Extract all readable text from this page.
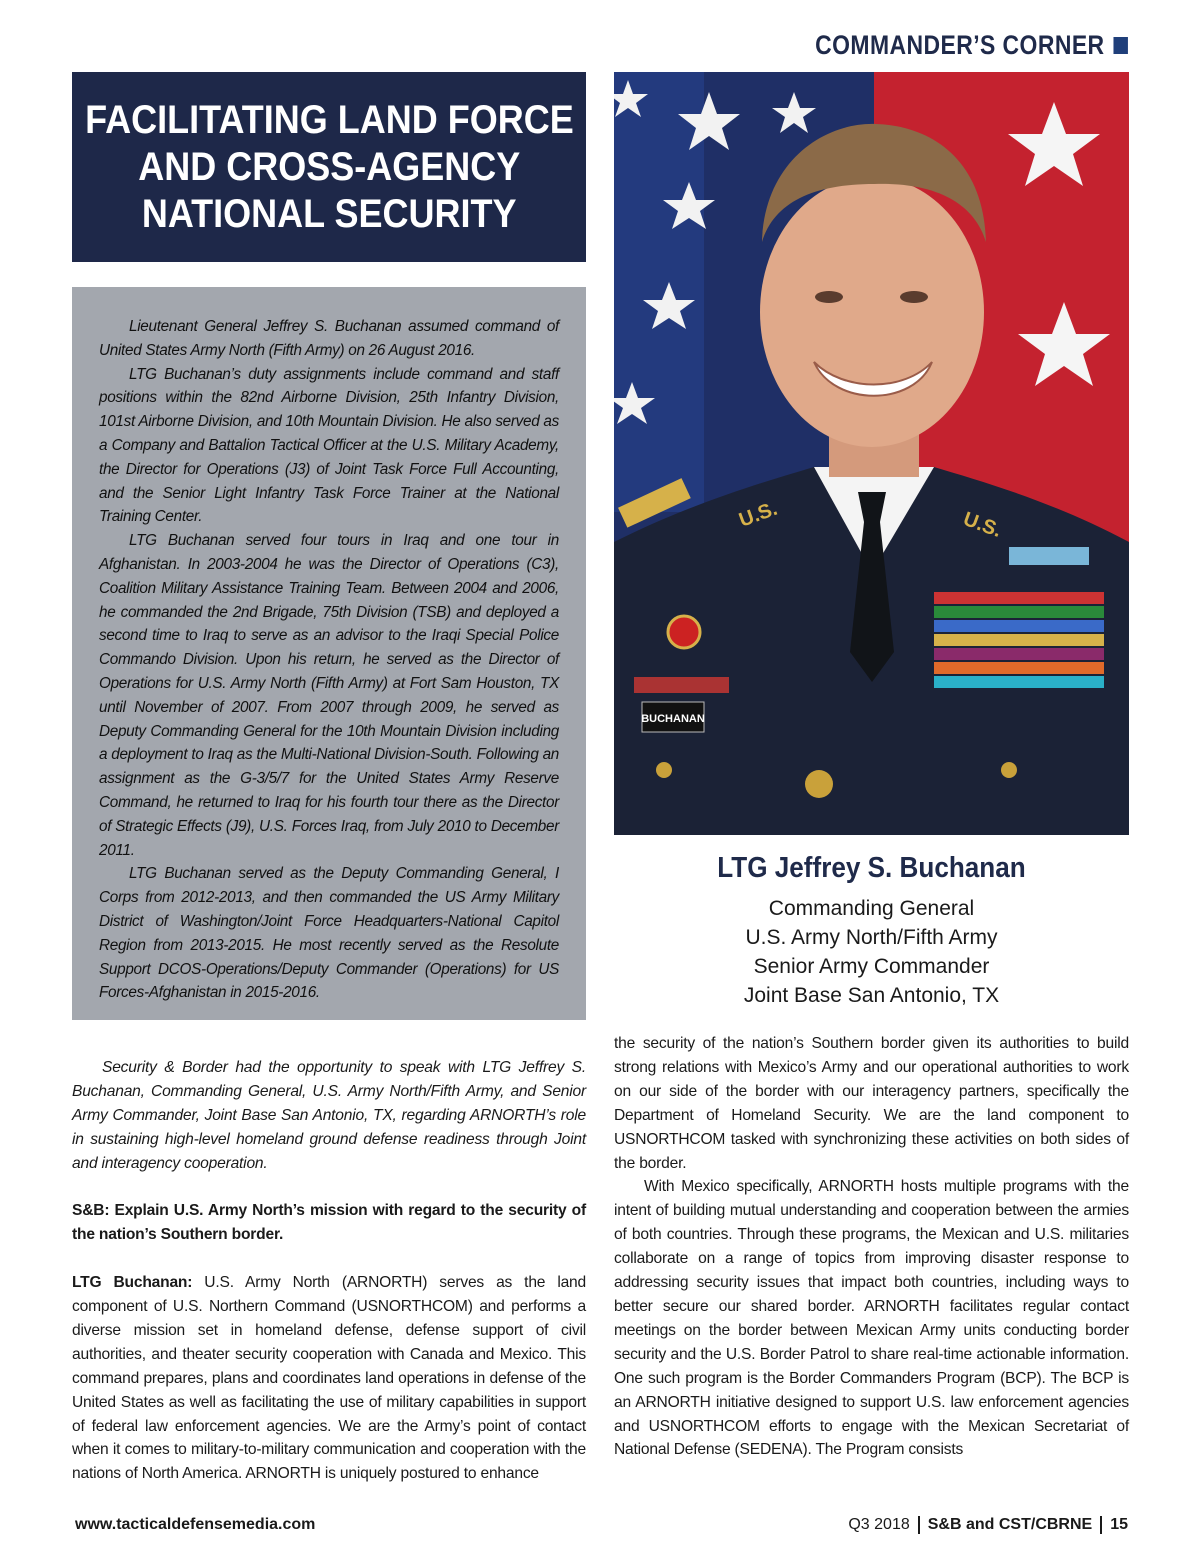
COMMANDER’S CORNER
FACILITATING LAND FORCE
AND CROSS-AGENCY
NATIONAL SECURITY

Lieutenant General Jeffrey S. Buchanan assumed command of United States Army North (Fifth Army) on 26 August 2016.

LTG Buchanan’s duty assignments include command and staff positions within the 82nd Airborne Division, 25th Infantry Division, 101st Airborne Division, and 10th Mountain Division. He also served as a Company and Battalion Tactical Officer at the U.S. Military Academy, the Director for Operations (J3) of Joint Task Force Full Accounting, and the Senior Light Infantry Task Force Trainer at the National Training Center.

LTG Buchanan served four tours in Iraq and one tour in Afghanistan. In 2003-2004 he was the Director of Operations (C3), Coalition Military Assistance Training Team. Between 2004 and 2006, he commanded the 2nd Brigade, 75th Division (TSB) and deployed a second time to Iraq to serve as an advisor to the Iraqi Special Police Commando Division. Upon his return, he served as the Director of Operations for U.S. Army North (Fifth Army) at Fort Sam Houston, TX until November of 2007. From 2007 through 2009, he served as Deputy Commanding General for the 10th Mountain Division including a deployment to Iraq as the Multi-National Division-South. Following an assignment as the G-3/5/7 for the United States Army Reserve Command, he returned to Iraq for his fourth tour there as the Director of Strategic Effects (J9), U.S. Forces Iraq, from July 2010 to December 2011.

LTG Buchanan served as the Deputy Commanding General, I Corps from 2012-2013, and then commanded the US Army Military District of Washington/Joint Force Headquarters-National Capitol Region from 2013-2015. He most recently served as the Resolute Support DCOS-Operations/Deputy Commander (Operations) for US Forces-Afghanistan in 2015-2016.

U.S.	U.S.
BUCHANAN
LTG Jeffrey S. Buchanan
Commanding General
U.S. Army North/Fifth Army
Senior Army Commander
Joint Base San Antonio, TX

Security & Border had the opportunity to speak with LTG Jeffrey S. Buchanan, Commanding General, U.S. Army North/Fifth Army, and Senior Army Commander, Joint Base San Antonio, TX, regarding ARNORTH’s role in sustaining high-level homeland ground defense readiness through Joint and interagency cooperation.

S&B: Explain U.S. Army North’s mission with regard to the security of the nation’s Southern border.

LTG Buchanan: U.S. Army North (ARNORTH) serves as the land component of U.S. Northern Command (USNORTHCOM) and performs a diverse mission set in homeland defense, defense support of civil authorities, and theater security cooperation with Canada and Mexico. This command prepares, plans and coordinates land operations in defense of the United States as well as facilitating the use of military capabilities in support of federal law enforcement agencies. We are the Army’s point of contact when it comes to military-to-military communication and cooperation with the nations of North America. ARNORTH is uniquely postured to enhance

the security of the nation’s Southern border given its authorities to build strong relations with Mexico’s Army and our operational authorities to work on our side of the border with our interagency partners, specifically the Department of Homeland Security. We are the land component to USNORTHCOM tasked with synchronizing these activities on both sides of the border.

With Mexico specifically, ARNORTH hosts multiple programs with the intent of building mutual understanding and cooperation between the armies of both countries. Through these programs, the Mexican and U.S. militaries collaborate on a range of topics from improving disaster response to addressing security issues that impact both countries, including ways to better secure our shared border. ARNORTH facilitates regular contact meetings on the border between Mexican Army units conducting border security and the U.S. Border Patrol to share real-time actionable information. One such program is the Border Commanders Program (BCP). The BCP is an ARNORTH initiative designed to support U.S. law enforcement agencies and USNORTHCOM efforts to engage with the Mexican Secretariat of National Defense (SEDENA). The Program consists

www.tacticaldefensemedia.com	Q3 2018 S&B and CST/CBRNE 15
